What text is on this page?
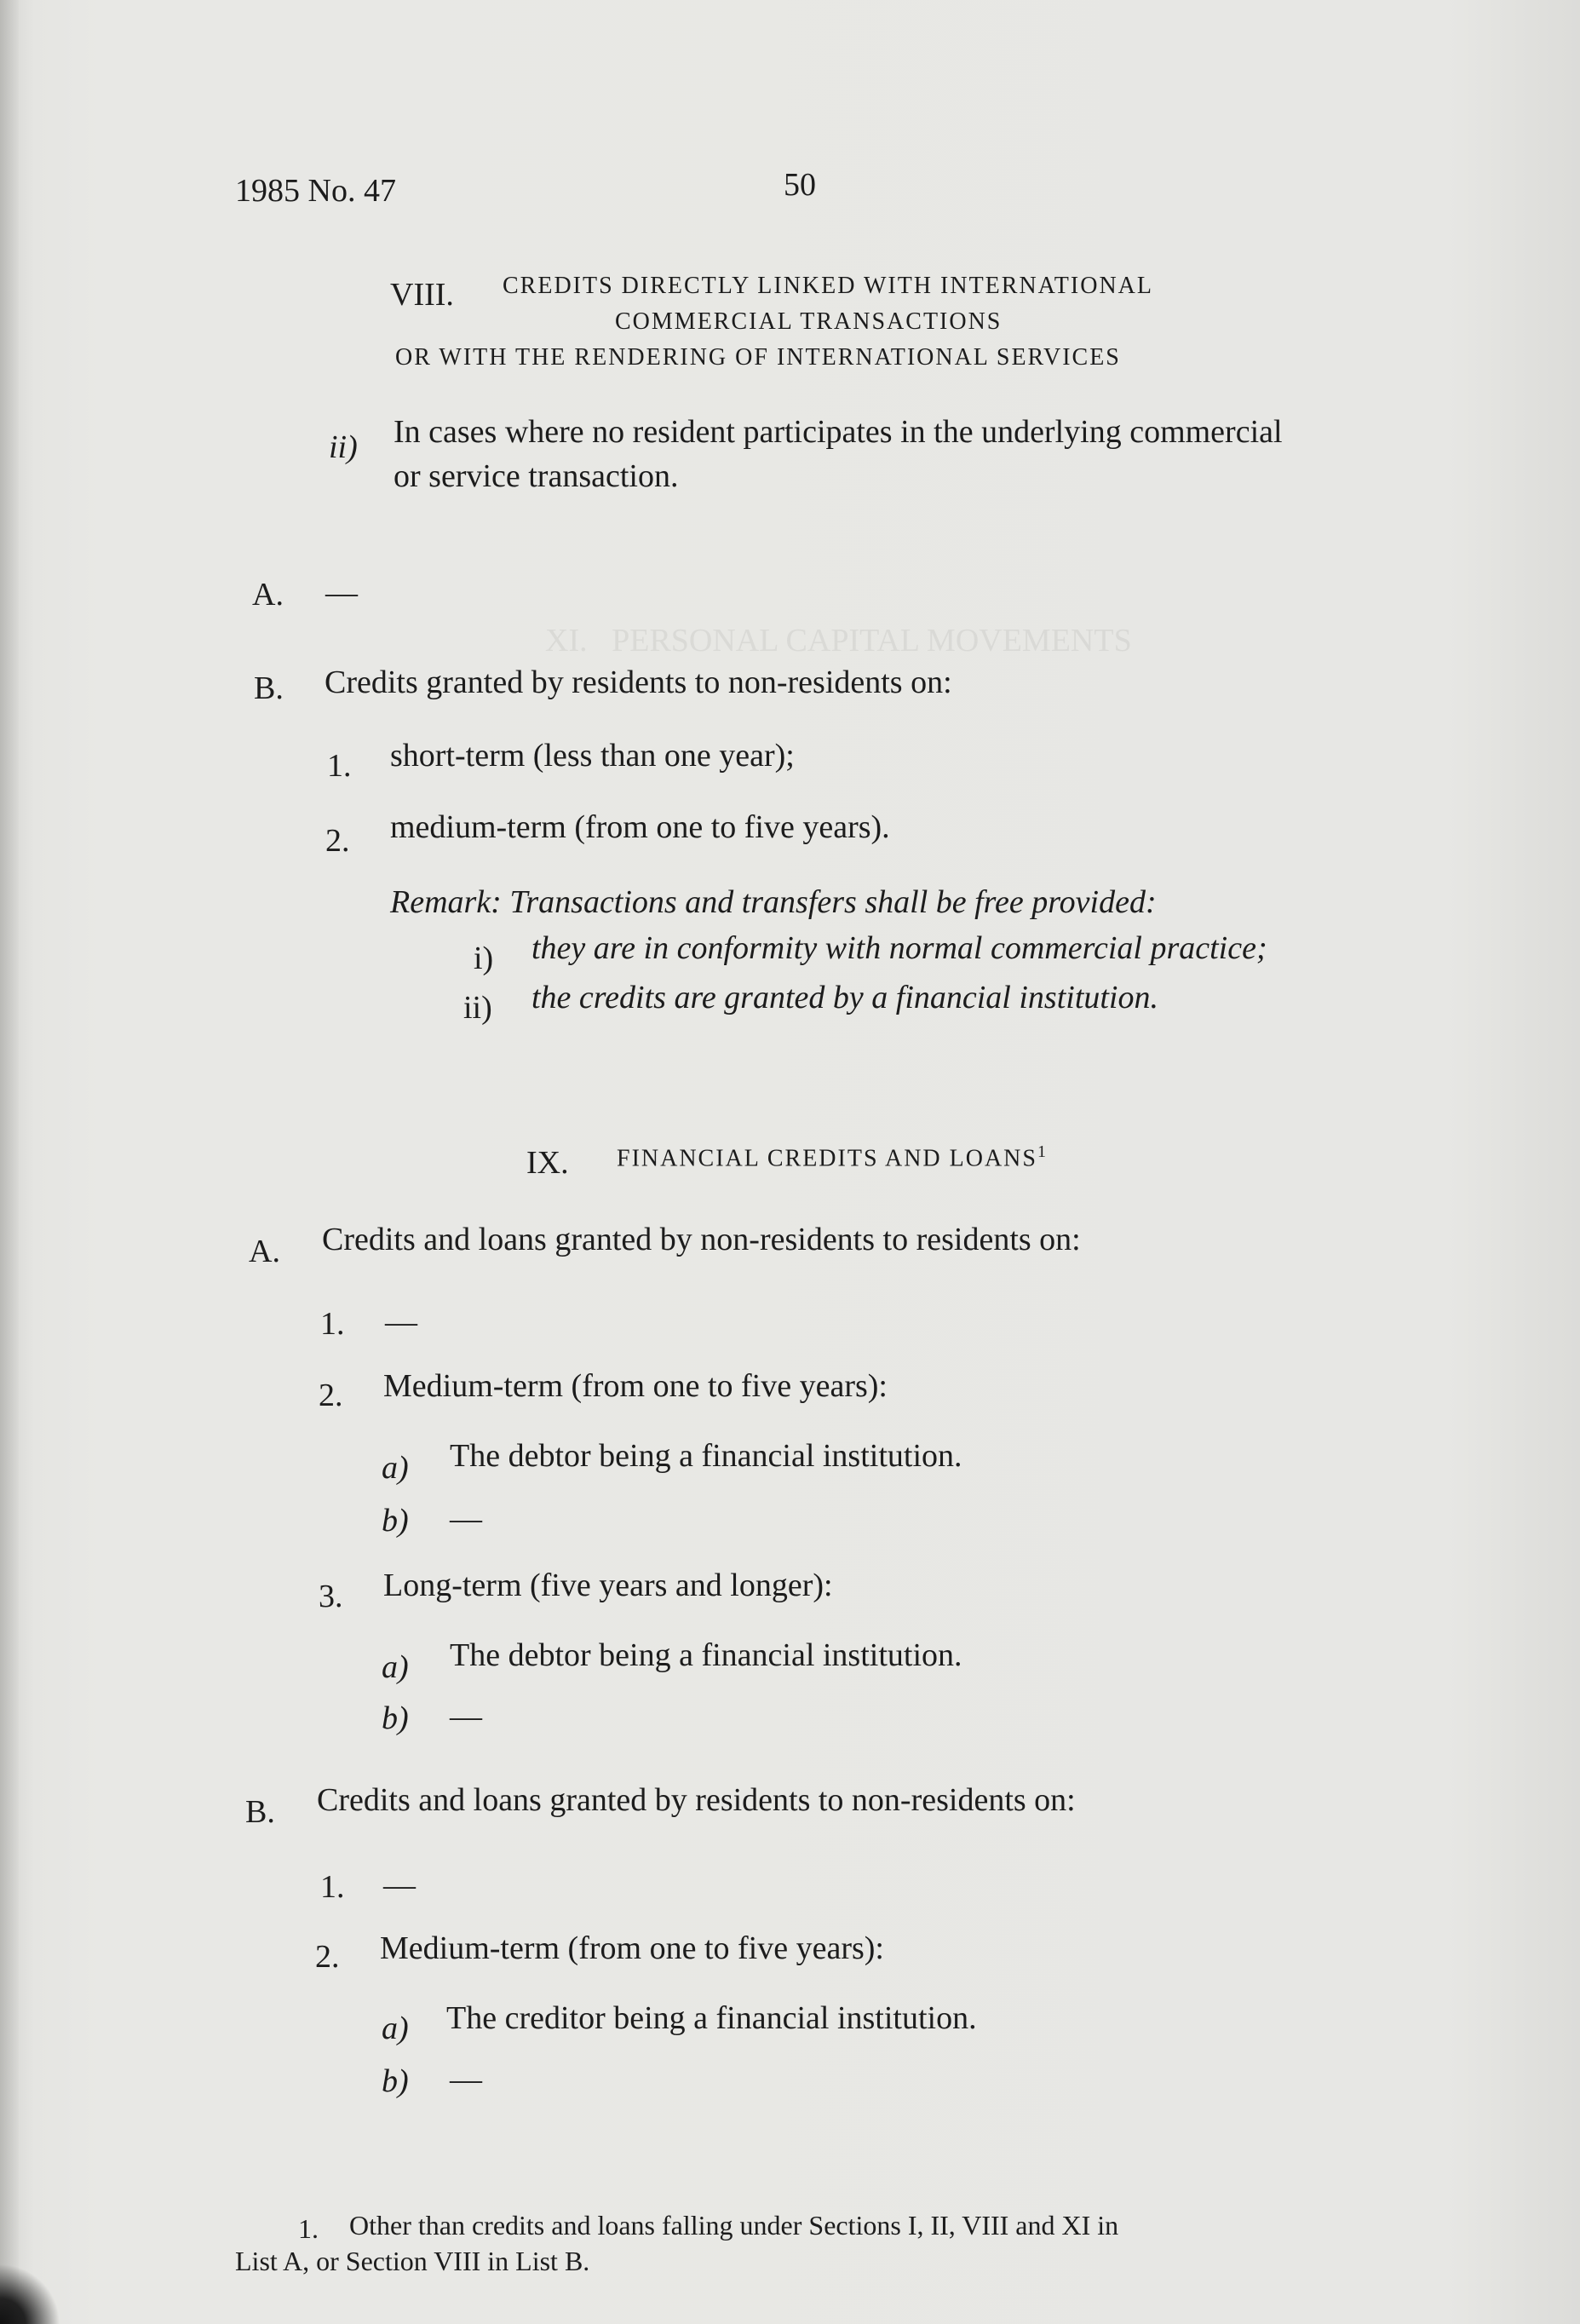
XI.   PERSONAL CAPITAL MOVEMENTS
1985 No. 47	50
VIII. CREDITS DIRECTLY LINKED WITH INTERNATIONAL
COMMERCIAL TRANSACTIONS
OR WITH THE RENDERING OF INTERNATIONAL SERVICES
ii) In cases where no resident participates in the underlying commercial
or service transaction.
A. —
B. Credits granted by residents to non-residents on:
1. short-term (less than one year);
2. medium-term (from one to five years).
Remark: Transactions and transfers shall be free provided:
i) they are in conformity with normal commercial practice;
ii) the credits are granted by a financial institution.
IX. FINANCIAL CREDITS AND LOANS$^1$
A. Credits and loans granted by non-residents to residents on:
1. —
2. Medium-term (from one to five years):
a) The debtor being a financial institution.
b) —
3. Long-term (five years and longer):
a) The debtor being a financial institution.
b) —
B. Credits and loans granted by residents to non-residents on:
1. —
2. Medium-term (from one to five years):
a) The creditor being a financial institution.
b) —
1. Other than credits and loans falling under Sections I, II, VIII and XI in
List A, or Section VIII in List B.
